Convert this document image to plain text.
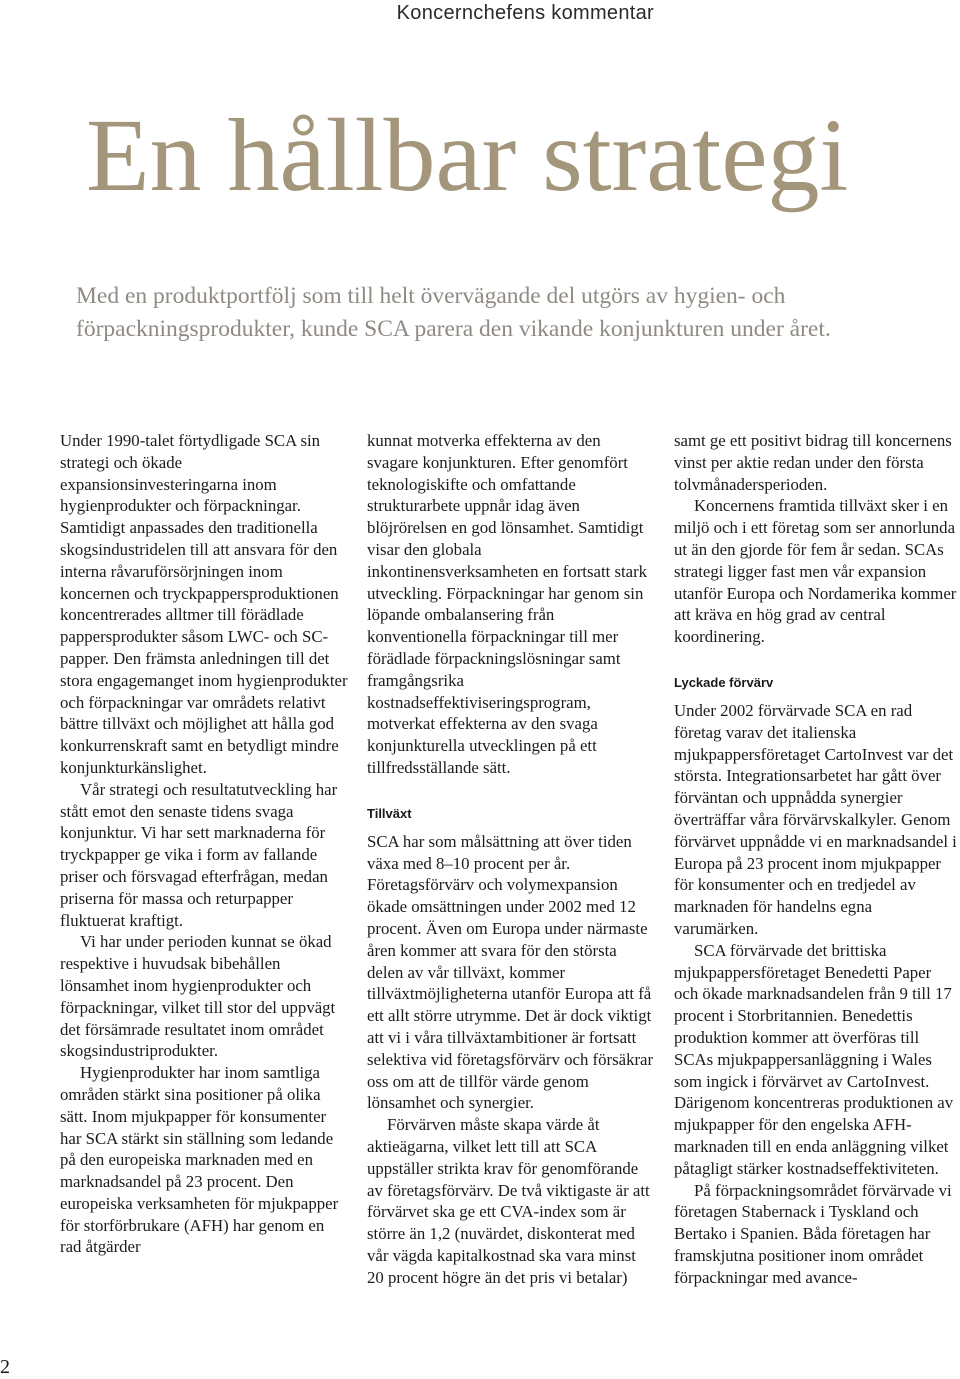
Koncernchefens kommentar
En hållbar strategi
Med en produktportfölj som till helt övervägande del utgörs av hygien- och förpackningsprodukter, kunde SCA parera den vikande konjunkturen under året.

Under 1990-talet förtydligade SCA sin strategi och ökade expansionsinvesteringarna inom hygienprodukter och förpackningar. Samtidigt anpassades den traditionella skogsindustridelen till att ansvara för den interna råvaruförsörjningen inom koncernen och tryckpappersproduktionen koncentrerades alltmer till förädlade pappersprodukter såsom LWC- och SC-papper. Den främsta anledningen till det stora engagemanget inom hygienprodukter och förpackningar var områdets relativt bättre tillväxt och möjlighet att hålla god konkurrenskraft samt en betydligt mindre konjunkturkänslighet.

Vår strategi och resultatutveckling har stått emot den senaste tidens svaga konjunktur. Vi har sett marknaderna för tryckpapper ge vika i form av fallande priser och försvagad efterfrågan, medan priserna för massa och returpapper fluktuerat kraftigt.

Vi har under perioden kunnat se ökad respektive i huvudsak bibehållen lönsamhet inom hygienprodukter och förpackningar, vilket till stor del uppvägt det försämrade resultatet inom området skogsindustriprodukter.

Hygienprodukter har inom samtliga områden stärkt sina positioner på olika sätt. Inom mjukpapper för konsumenter har SCA stärkt sin ställning som ledande på den europeiska marknaden med en marknadsandel på 23 procent. Den europeiska verksamheten för mjukpapper för storförbrukare (AFH) har genom en rad åtgärder

kunnat motverka effekterna av den svagare konjunkturen. Efter genomfört teknologiskifte och omfattande strukturarbete uppnår idag även blöjrörelsen en god lönsamhet. Samtidigt visar den globala inkontinensverksamheten en fortsatt stark utveckling. Förpackningar har genom sin löpande ombalansering från konventionella förpackningar till mer förädlade förpackningslösningar samt framgångsrika kostnadseffektiviseringsprogram, motverkat effekterna av den svaga konjunkturella utvecklingen på ett tillfredsställande sätt.

Tillväxt

SCA har som målsättning att över tiden växa med 8–10 procent per år. Företagsförvärv och volymexpansion ökade omsättningen under 2002 med 12 procent. Även om Europa under närmaste åren kommer att svara för den största delen av vår tillväxt, kommer tillväxtmöjligheterna utanför Europa att få ett allt större utrymme. Det är dock viktigt att vi i våra tillväxtambitioner är fortsatt selektiva vid företagsförvärv och försäkrar oss om att de tillför värde genom lönsamhet och synergier.

Förvärven måste skapa värde åt aktieägarna, vilket lett till att SCA uppställer strikta krav för genomförande av företagsförvärv. De två viktigaste är att förvärvet ska ge ett CVA-index som är större än 1,2 (nuvärdet, diskonterat med vår vägda kapitalkostnad ska vara minst 20 procent högre än det pris vi betalar)

samt ge ett positivt bidrag till koncernens vinst per aktie redan under den första tolvmånadersperioden.

Koncernens framtida tillväxt sker i en miljö och i ett företag som ser annorlunda ut än den gjorde för fem år sedan. SCAs strategi ligger fast men vår expansion utanför Europa och Nordamerika kommer att kräva en hög grad av central koordinering.

Lyckade förvärv

Under 2002 förvärvade SCA en rad företag varav det italienska mjukpappersföretaget CartoInvest var det största. Integrationsarbetet har gått över förväntan och uppnådda synergier överträffar våra förvärvskalkyler. Genom förvärvet uppnådde vi en marknadsandel i Europa på 23 procent inom mjukpapper för konsumenter och en tredjedel av marknaden för handelns egna varumärken.

SCA förvärvade det brittiska mjukpappersföretaget Benedetti Paper och ökade marknadsandelen från 9 till 17 procent i Storbritannien. Benedettis produktion kommer att överföras till SCAs mjukpappersanläggning i Wales som ingick i förvärvet av CartoInvest. Därigenom koncentreras produktionen av mjukpapper för den engelska AFH-marknaden till en enda anläggning vilket påtagligt stärker kostnadseffektiviteten.

På förpackningsområdet förvärvade vi företagen Stabernack i Tyskland och Bertako i Spanien. Båda företagen har framskjutna positioner inom området förpackningar med avance-

2
